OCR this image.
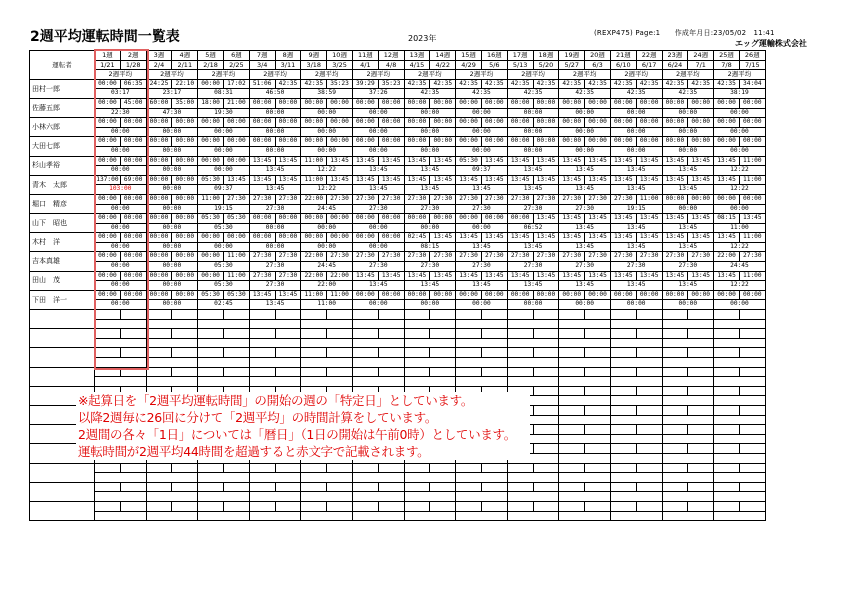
2週平均運転時間一覧表	2023年
(REXP475) Page:1　　作成年月日:23/05/02　11:41
エッグ運輸株式会社
運転者	1週	2週	3週	4週	5週	6週	7週	8週	9週	10週	11週	12週	13週	14週	15週	16週	17週	18週	19週	20週	21週	22週	23週	24週	25週	26週
	1/21	1/28	2/4	2/11	2/18	2/25	3/4	3/11	3/18	3/25	4/1	4/8	4/15	4/22	4/29	5/6	5/13	5/20	5/27	6/3	6/10	6/17	6/24	7/1	7/8	7/15
	2週平均		2週平均		2週平均		2週平均		2週平均		2週平均		2週平均		2週平均		2週平均		2週平均		2週平均		2週平均		2週平均	
田村一郎	00:00	06:35	24:25	22:10	00:00	17:02	51:06	42:35	42:35	35:23	39:29	35:23	42:35	42:35	42:35	42:35	42:35	42:35	42:35	42:35	42:35	42:35	42:35	42:35	42:35	34:04
	03:17		23:17		08:31		46:50		38:59		37:26		42:35		42:35		42:35		42:35		42:35		42:35		38:19	
佐藤五郎	00:00	45:00	60:00	35:00	18:00	21:00	00:00	00:00	00:00	00:00	00:00	00:00	00:00	00:00	00:00	00:00	00:00	00:00	00:00	00:00	00:00	00:00	00:00	00:00	00:00	00:00
	22:30		47:30		19:30		00:00		00:00		00:00		00:00		00:00		00:00		00:00		00:00		00:00		00:00	
小林六郎	00:00	00:00	00:00	00:00	00:00	00:00	00:00	00:00	00:00	00:00	00:00	00:00	00:00	00:00	00:00	00:00	00:00	00:00	00:00	00:00	00:00	00:00	00:00	00:00	00:00	00:00
	00:00		00:00		00:00		00:00		00:00		00:00		00:00		00:00		00:00		00:00		00:00		00:00		00:00	
大田七郎	00:00	00:00	00:00	00:00	00:00	00:00	00:00	00:00	00:00	00:00	00:00	00:00	00:00	00:00	00:00	00:00	00:00	00:00	00:00	00:00	00:00	00:00	00:00	00:00	00:00	00:00
	00:00		00:00		00:00		00:00		00:00		00:00		00:00		00:00		00:00		00:00		00:00		00:00		00:00	
杉山孝裕	00:00	00:00	00:00	00:00	00:00	00:00	13:45	13:45	11:00	13:45	13:45	13:45	13:45	13:45	05:30	13:45	13:45	13:45	13:45	13:45	13:45	13:45	13:45	13:45	13:45	11:00
	00:00		00:00		00:00		13:45		12:22		13:45		13:45		09:37		13:45		13:45		13:45		13:45		12:22	
青木　太郎	137:00	69:00	00:00	00:00	05:30	13:45	13:45	13:45	11:00	13:45	13:45	13:45	13:45	13:45	13:45	13:45	13:45	13:45	13:45	13:45	13:45	13:45	13:45	13:45	13:45	11:00
	103:00		00:00		09:37		13:45		12:22		13:45		13:45		13:45		13:45		13:45		13:45		13:45		12:22	
堀口　精彦	00:00	00:00	00:00	00:00	11:00	27:30	27:30	27:30	22:00	27:30	27:30	27:30	27:30	27:30	27:30	27:30	27:30	27:30	27:30	27:30	27:30	11:00	00:00	00:00	00:00	00:00
	00:00		00:00		19:15		27:30		24:45		27:30		27:30		27:30		27:30		27:30		19:15		00:00		00:00	
山下　昭也	00:00	00:00	00:00	00:00	05:30	05:30	00:00	00:00	00:00	00:00	00:00	00:00	00:00	00:00	00:00	00:00	00:00	13:45	13:45	13:45	13:45	13:45	13:45	13:45	08:15	13:45
	00:00		00:00		05:30		00:00		00:00		00:00		00:00		00:00		06:52		13:45		13:45		13:45		11:00	
木村　洋	00:00	00:00	00:00	00:00	00:00	00:00	00:00	00:00	00:00	00:00	00:00	00:00	02:45	13:45	13:45	13:45	13:45	13:45	13:45	13:45	13:45	13:45	13:45	13:45	13:45	11:00
	00:00		00:00		00:00		00:00		00:00		00:00		08:15		13:45		13:45		13:45		13:45		13:45		12:22	
吉本真雄	00:00	00:00	00:00	00:00	00:00	11:00	27:30	27:30	22:00	27:30	27:30	27:30	27:30	27:30	27:30	27:30	27:30	27:30	27:30	27:30	27:30	27:30	27:30	27:30	22:00	27:30
	00:00		00:00		05:30		27:30		24:45		27:30		27:30		27:30		27:30		27:30		27:30		27:30		24:45	
田山　茂	00:00	00:00	00:00	00:00	00:00	11:00	27:30	27:30	22:00	22:00	13:45	13:45	13:45	13:45	13:45	13:45	13:45	13:45	13:45	13:45	13:45	13:45	13:45	13:45	13:45	11:00
	00:00		00:00		05:30		27:30		22:00		13:45		13:45		13:45		13:45		13:45		13:45		13:45		12:22	
下田　洋一	00:00	00:00	00:00	00:00	05:30	05:30	13:45	13:45	11:00	11:00	00:00	00:00	00:00	00:00	00:00	00:00	00:00	00:00	00:00	00:00	00:00	00:00	00:00	00:00	00:00	00:00
	00:00		00:00		02:45		13:45		11:00		00:00		00:00		00:00		00:00		00:00		00:00		00:00		00:00	

※起算日を「2週平均運転時間」の開始の週の「特定日」としています。
以降2週毎に26回に分けて「2週平均」の時間計算をしています。
2週間の各々「1日」については「暦日」（1日の開始は午前0時）としています。
運転時間が2週平均44時間を超過すると赤文字で記載されます。
